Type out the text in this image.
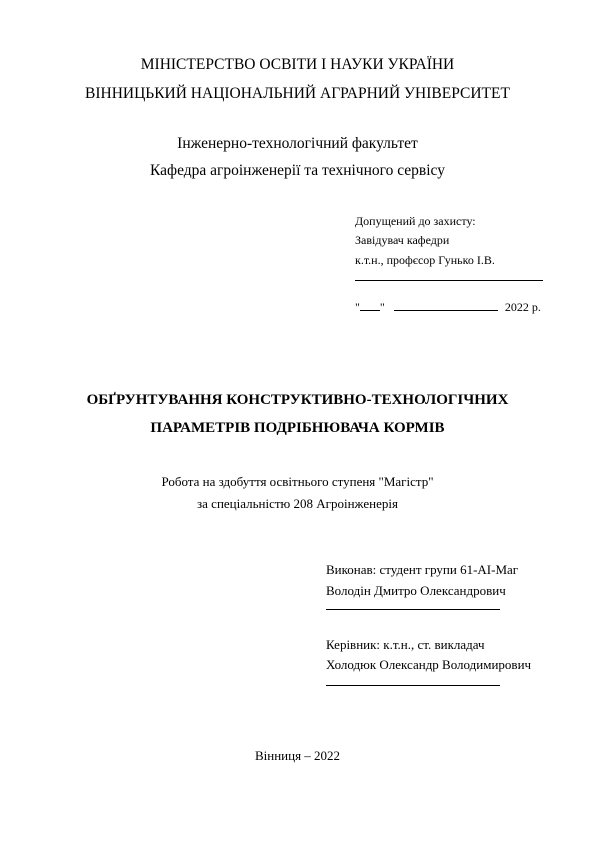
МІНІСТЕРСТВО ОСВІТИ І НАУКИ УКРАЇНИ
ВІННИЦЬКИЙ НАЦІОНАЛЬНИЙ АГРАРНИЙ УНІВЕРСИТЕТ
Інженерно-технологічний факультет
Кафедра агроінженерії та технічного сервісу
Допущений до захисту:
Завідувач кафедри
к.т.н., профєсор Гунько І.В.
" "	2022 р.
ОБҐРУНТУВАННЯ КОНСТРУКТИВНО-ТЕХНОЛОГІЧНИХ
ПАРАМЕТРІВ ПОДРІБНЮВАЧА КОРМІВ
Робота на здобуття освітнього ступеня "Магістр"
за спеціальністю 208 Агроінженерія
Виконав: студент групи 61-АІ-Маг
Володін Дмитро Олександрович
Керівник: к.т.н., ст. викладач
Холодюк Олександр Володимирович
Вінниця – 2022
